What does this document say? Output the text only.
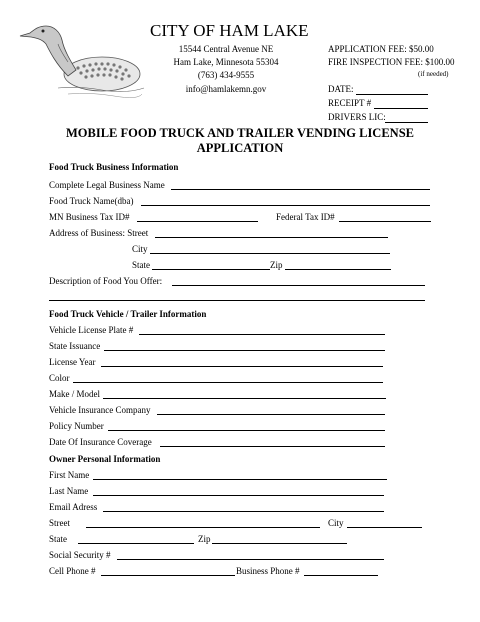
CITY OF HAM LAKE
15544 Central Avenue NE
Ham Lake, Minnesota 55304
(763) 434-9555
info@hamlakemn.gov
APPLICATION FEE: $50.00
FIRE INSPECTION FEE: $100.00
(if needed)
DATE:
RECEIPT #
DRIVERS LIC:
MOBILE FOOD TRUCK AND TRAILER VENDING LICENSE
APPLICATION
Food Truck Business Information
Complete Legal Business Name
Food Truck Name(dba)
MN Business Tax ID#	Federal Tax ID#
Address of Business: Street
City
State	Zip
Description of Food You Offer:
Food Truck Vehicle / Trailer Information
Vehicle License Plate #
State Issuance
License Year
Color
Make / Model
Vehicle Insurance Company
Policy Number
Date Of Insurance Coverage
Owner Personal Information
First Name
Last Name
Email Adress
Street	City
State	Zip
Social Security #
Cell Phone #	Business Phone #
